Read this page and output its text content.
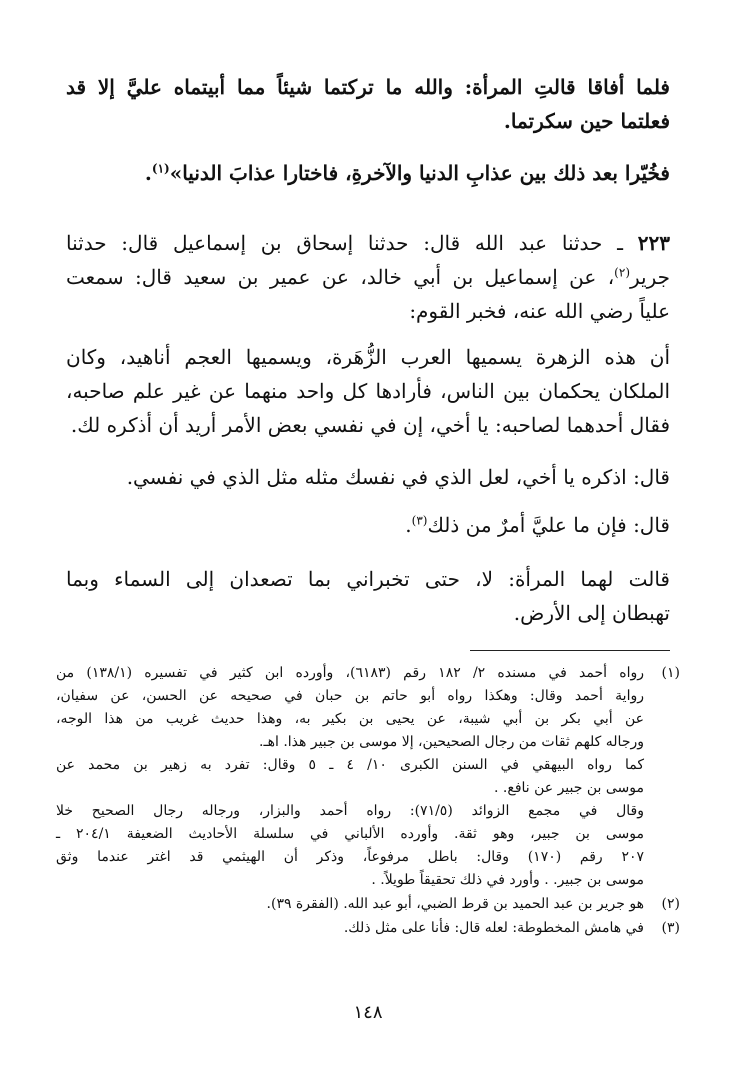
فلما أفاقا قالتِ المرأة: والله ما تركتما شيئاً مما أبيتماه عليَّ إلا قد
فعلتما حين سكرتما.
فخُيّرا بعد ذلك بين عذابِ الدنيا والآخرةِ، فاختارا عذابَ الدنيا»$^{(١)}$.
٢٢٣ ـ حدثنا عبد الله قال: حدثنا إسحاق بن إسماعيل قال: حدثنا
جرير$^{(٢)}$، عن إسماعيل بن أبي خالد، عن عمير بن سعيد قال: سمعت
علياً رضي الله عنه، فخبر القوم:
أن هذه الزهرة يسميها العرب الزُّهَرة، ويسميها العجم أناهيد، وكان
الملكان يحكمان بين الناس، فأرادها كل واحد منهما عن غير علم صاحبه،
فقال أحدهما لصاحبه: يا أخي، إن في نفسي بعض الأمر أريد أن أذكره لك.
قال: اذكره يا أخي، لعل الذي في نفسك مثله مثل الذي في نفسي.
قال: فإن ما عليَّ أمرٌ من ذلك$^{(٣)}$.
قالت لهما المرأة: لا، حتى تخبراني بما تصعدان إلى السماء وبما
تهبطان إلى الأرض.
(١)
رواه أحمد في مسنده ٢/ ١٨٢ رقم (٦١٨٣)، وأورده ابن كثير في تفسيره (١٣٨/١) من
رواية أحمد وقال: وهكذا رواه أبو حاتم بن حبان في صحيحه عن الحسن، عن سفيان،
عن أبي بكر بن أبي شيبة، عن يحيى بن بكير به، وهذا حديث غريب من هذا الوجه،
ورجاله كلهم ثقات من رجال الصحيحين، إلا موسى بن جبير هذا. اهـ.
كما رواه البيهقي في السنن الكبرى ١٠/ ٤ ـ ٥ وقال: تفرد به زهير بن محمد عن
موسى بن جبير عن نافع. .
وقال في مجمع الزوائد (٧١/٥): رواه أحمد والبزار، ورجاله رجال الصحيح خلا
موسى بن جبير، وهو ثقة. وأورده الألباني في سلسلة الأحاديث الضعيفة ٢٠٤/١ ـ
٢٠٧ رقم (١٧٠) وقال: باطل مرفوعاً، وذكر أن الهيثمي قد اغتر عندما وثق
موسى بن جبير. . وأورد في ذلك تحقيقاً طويلاً. .
(٢)
هو جرير بن عبد الحميد بن قرط الضبي، أبو عبد الله. (الفقرة ٣٩).
(٣)
في هامش المخطوطة: لعله قال: فأنا على مثل ذلك.
١٤٨
